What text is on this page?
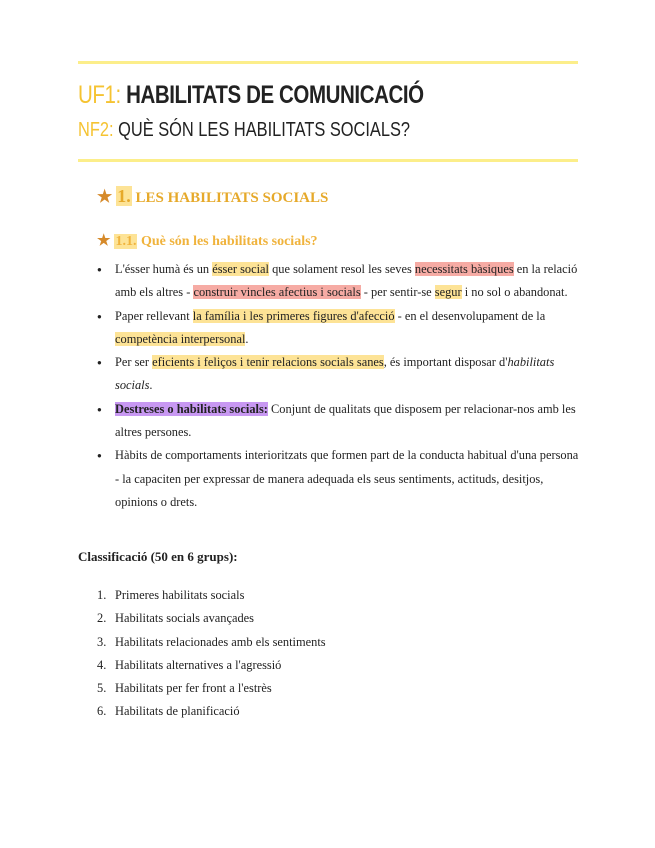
UF1: HABILITATS DE COMUNICACIÓ
NF2: QUÈ SÓN LES HABILITATS SOCIALS?
★ 1. LES HABILITATS SOCIALS
★ 1.1. Què són les habilitats socials?
● L'ésser humà és un ésser social que solament resol les seves necessitats bàsiques en la relació amb els altres - construir vincles afectius i socials - per sentir-se segur i no sol o abandonat.
● Paper rellevant la família i les primeres figures d'afecció - en el desenvolupament de la competència interpersonal.
● Per ser eficients i feliços i tenir relacions socials sanes, és important disposar d'habilitats socials.
● Destreses o habilitats socials: Conjunt de qualitats que disposem per relacionar-nos amb les altres persones.
● Hàbits de comportaments interioritzats que formen part de la conducta habitual d'una persona - la capaciten per expressar de manera adequada els seus sentiments, actituds, desitjos, opinions o drets.
Classificació (50 en 6 grups):
1. Primeres habilitats socials
2. Habilitats socials avançades
3. Habilitats relacionades amb els sentiments
4. Habilitats alternatives a l'agressió
5. Habilitats per fer front a l'estrès
6. Habilitats de planificació
